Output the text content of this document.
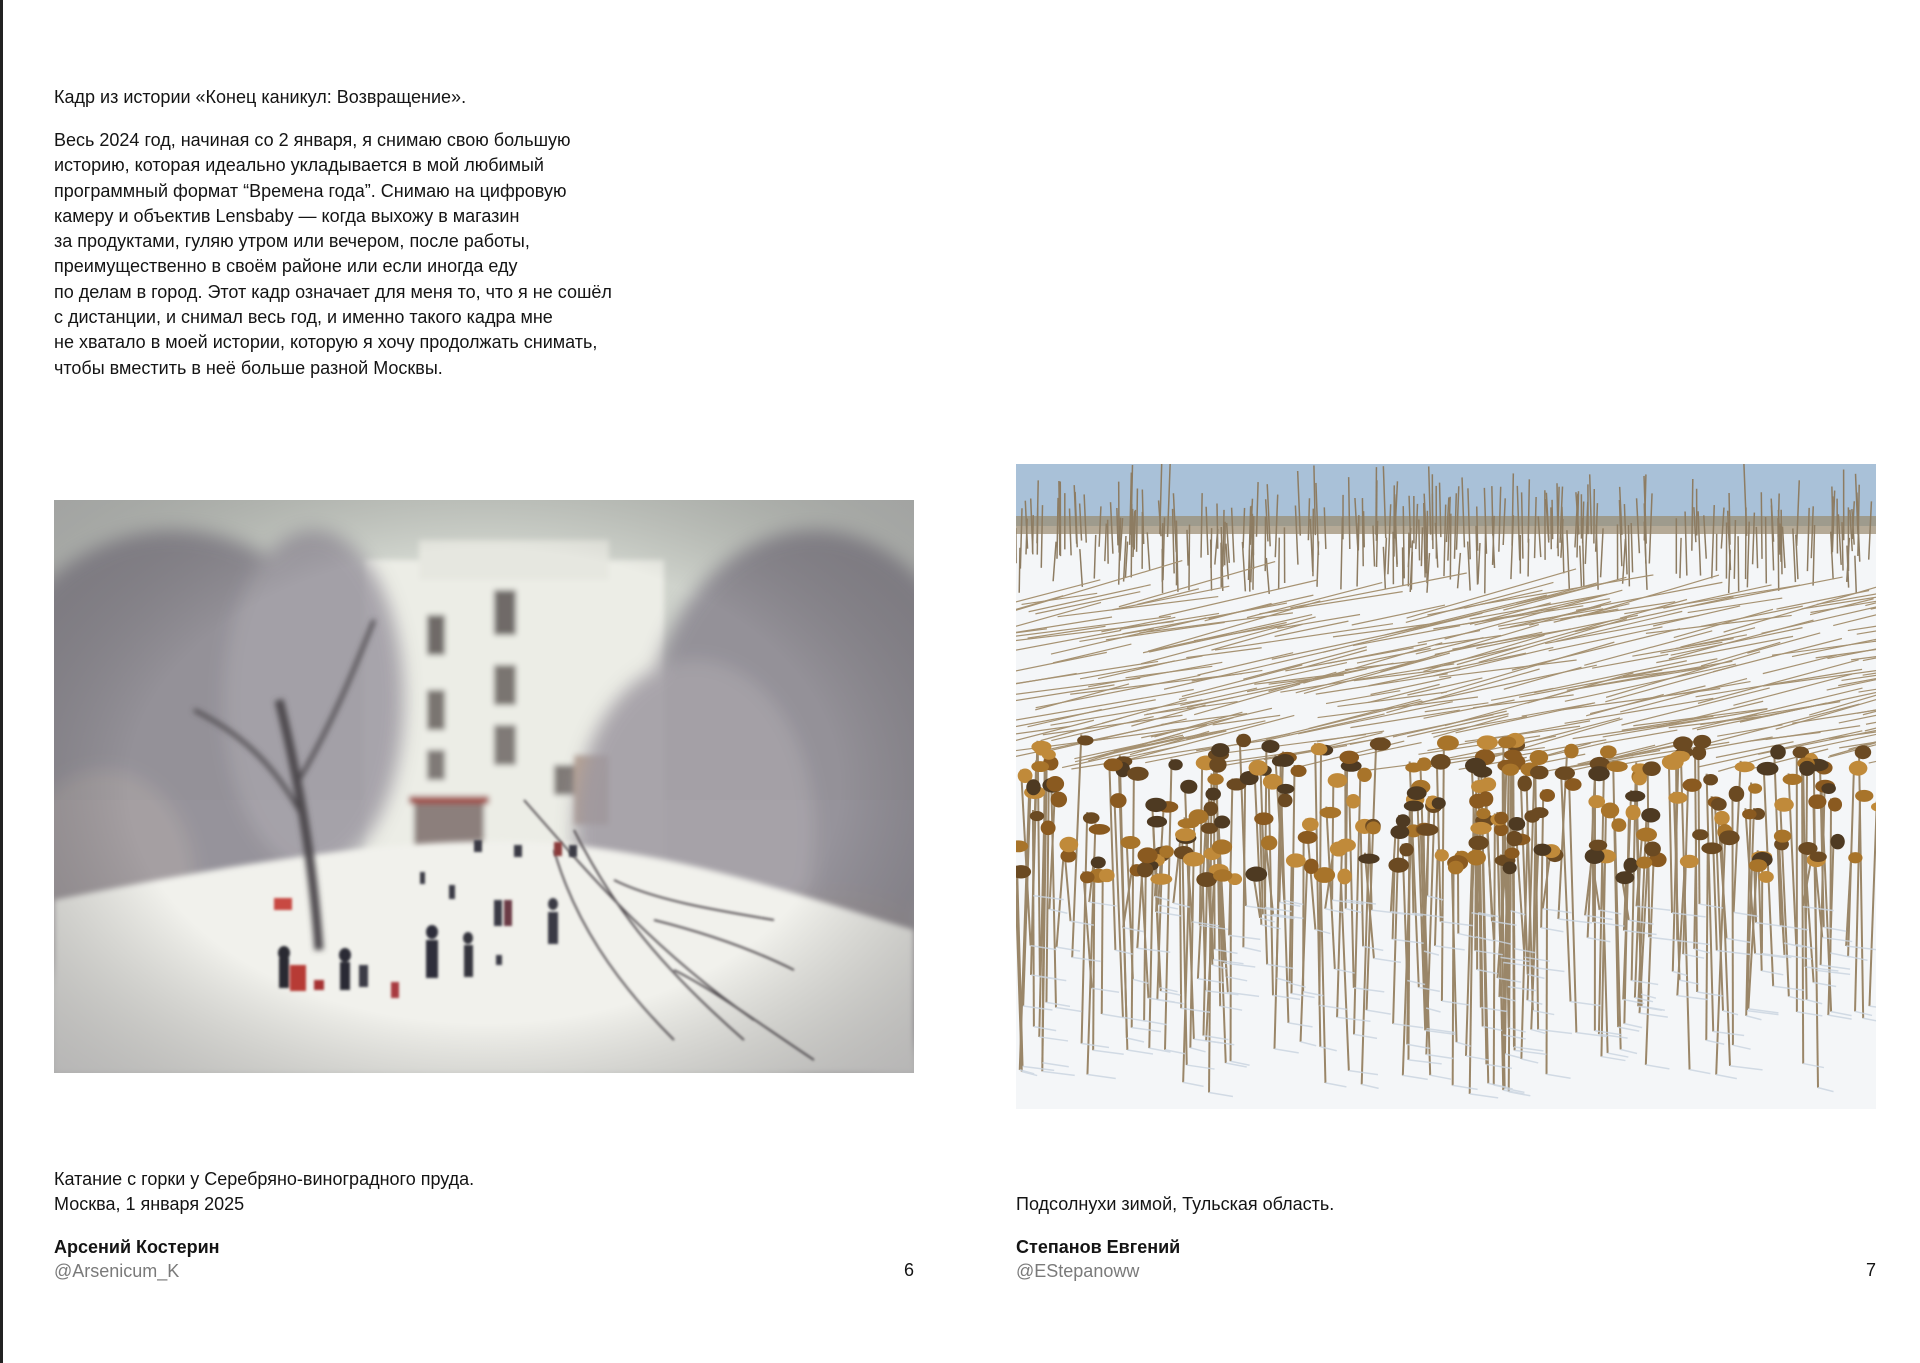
Кадр из истории «Конец каникул: Возвращение».

Весь 2024 год, начиная со 2 января, я снимаю свою большую

историю, которая идеально укладывается в мой любимый

программный формат “Времена года”. Снимаю на цифровую

камеру и объектив Lensbaby — когда выхожу в магазин

за продуктами, гуляю утром или вечером, после работы,

преимущественно в своём районе или если иногда еду

по делам в город. Этот кадр означает для меня то, что я не сошёл

с дистанции, и снимал весь год, и именно такого кадра мне

не хватало в моей истории, которую я хочу продолжать снимать,

чтобы вместить в неё больше разной Москвы.

Катание с горки у Серебряно-виноградного пруда.

Москва, 1 января 2025

Арсений Костерин

@Arsenicum_K	6

Подсолнухи зимой, Тульская область.

Степанов Евгений

@EStepanoww	7
